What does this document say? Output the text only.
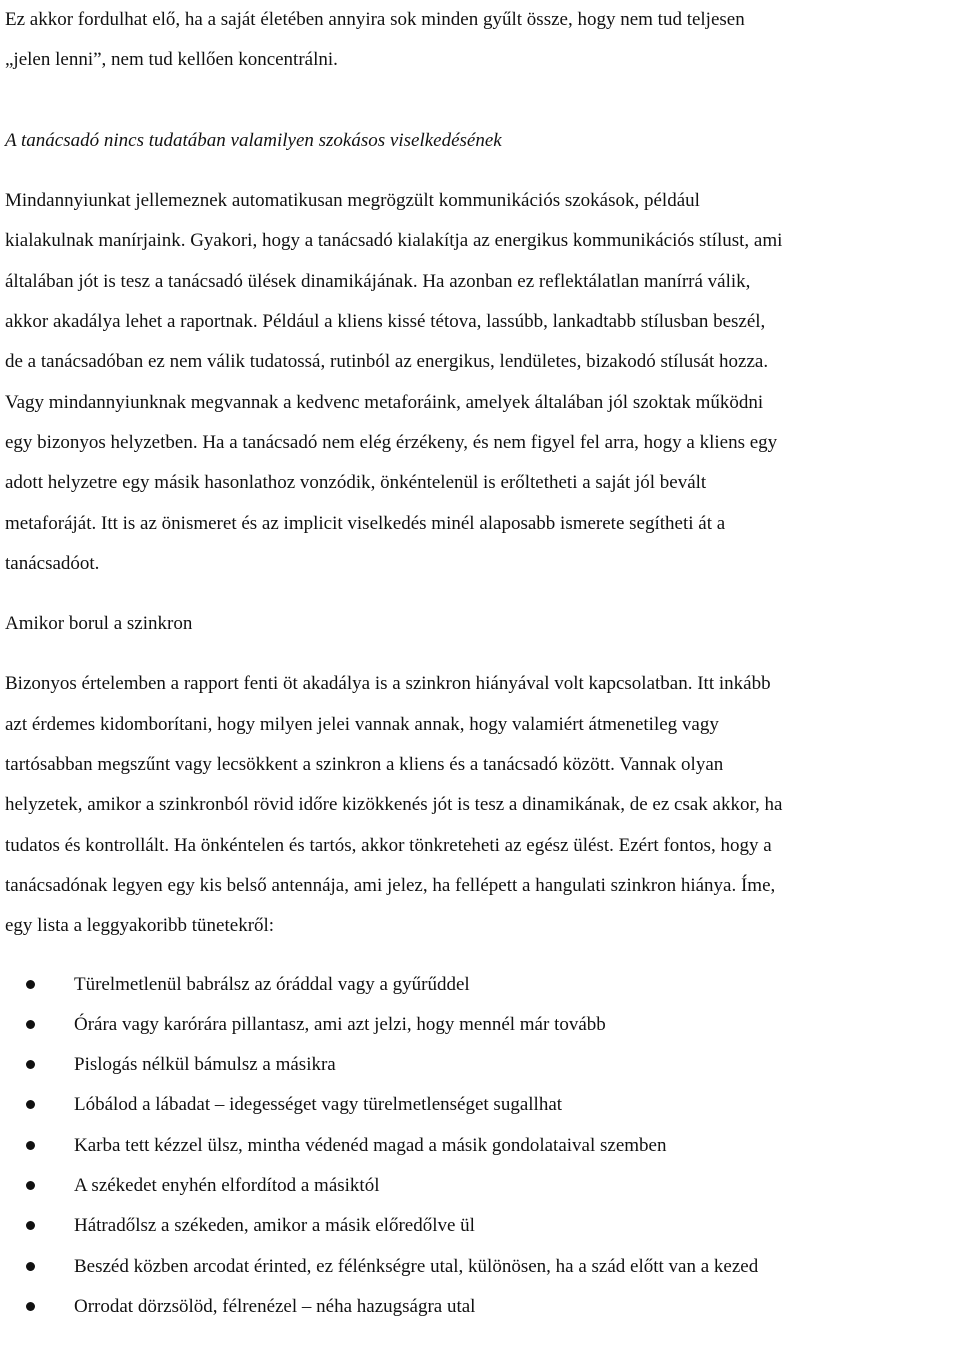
Ez akkor fordulhat elő, ha a saját életében annyira sok minden gyűlt össze, hogy nem tud teljesen

„jelen lenni”, nem tud kellően koncentrálni.

A tanácsadó nincs tudatában valamilyen szokásos viselkedésének

Mindannyiunkat jellemeznek automatikusan megrögzült kommunikációs szokások, például

kialakulnak manírjaink. Gyakori, hogy a tanácsadó kialakítja az energikus kommunikációs stílust, ami

általában jót is tesz a tanácsadó ülések dinamikájának. Ha azonban ez reflektálatlan manírrá válik,

akkor akadálya lehet a raportnak. Például a kliens kissé tétova, lassúbb, lankadtabb stílusban beszél,

de a tanácsadóban ez nem válik tudatossá, rutinból az energikus, lendületes, bizakodó stílusát hozza.

Vagy mindannyiunknak megvannak a kedvenc metaforáink, amelyek általában jól szoktak működni

egy bizonyos helyzetben. Ha a tanácsadó nem elég érzékeny, és nem figyel fel arra, hogy a kliens egy

adott helyzetre egy másik hasonlathoz vonzódik, önkéntelenül is erőltetheti a saját jól bevált

metaforáját. Itt is az önismeret és az implicit viselkedés minél alaposabb ismerete segítheti át a

tanácsadóot.

Amikor borul a szinkron

Bizonyos értelemben a rapport fenti öt akadálya is a szinkron hiányával volt kapcsolatban. Itt inkább

azt érdemes kidomborítani, hogy milyen jelei vannak annak, hogy valamiért átmenetileg vagy

tartósabban megszűnt vagy lecsökkent a szinkron a kliens és a tanácsadó között. Vannak olyan

helyzetek, amikor a szinkronból rövid időre kizökkenés jót is tesz a dinamikának, de ez csak akkor, ha

tudatos és kontrollált. Ha önkéntelen és tartós, akkor tönkreteheti az egész ülést. Ezért fontos, hogy a

tanácsadónak legyen egy kis belső antennája, ami jelez, ha fellépett a hangulati szinkron hiánya. Íme,

egy lista a leggyakoribb tünetekről:

Türelmetlenül babrálsz az óráddal vagy a gyűrűddel
Órára vagy karórára pillantasz, ami azt jelzi, hogy mennél már tovább
Pislogás nélkül bámulsz a másikra
Lóbálod a lábadat – idegességet vagy türelmetlenséget sugallhat
Karba tett kézzel ülsz, mintha védenéd magad a másik gondolataival szemben
A székedet enyhén elfordítod a másiktól
Hátradőlsz a székeden, amikor a másik előredőlve ül
Beszéd közben arcodat érinted, ez félénkségre utal, különösen, ha a szád előtt van a kezed
Orrodat dörzsölöd, félrenézel – néha hazugságra utal
